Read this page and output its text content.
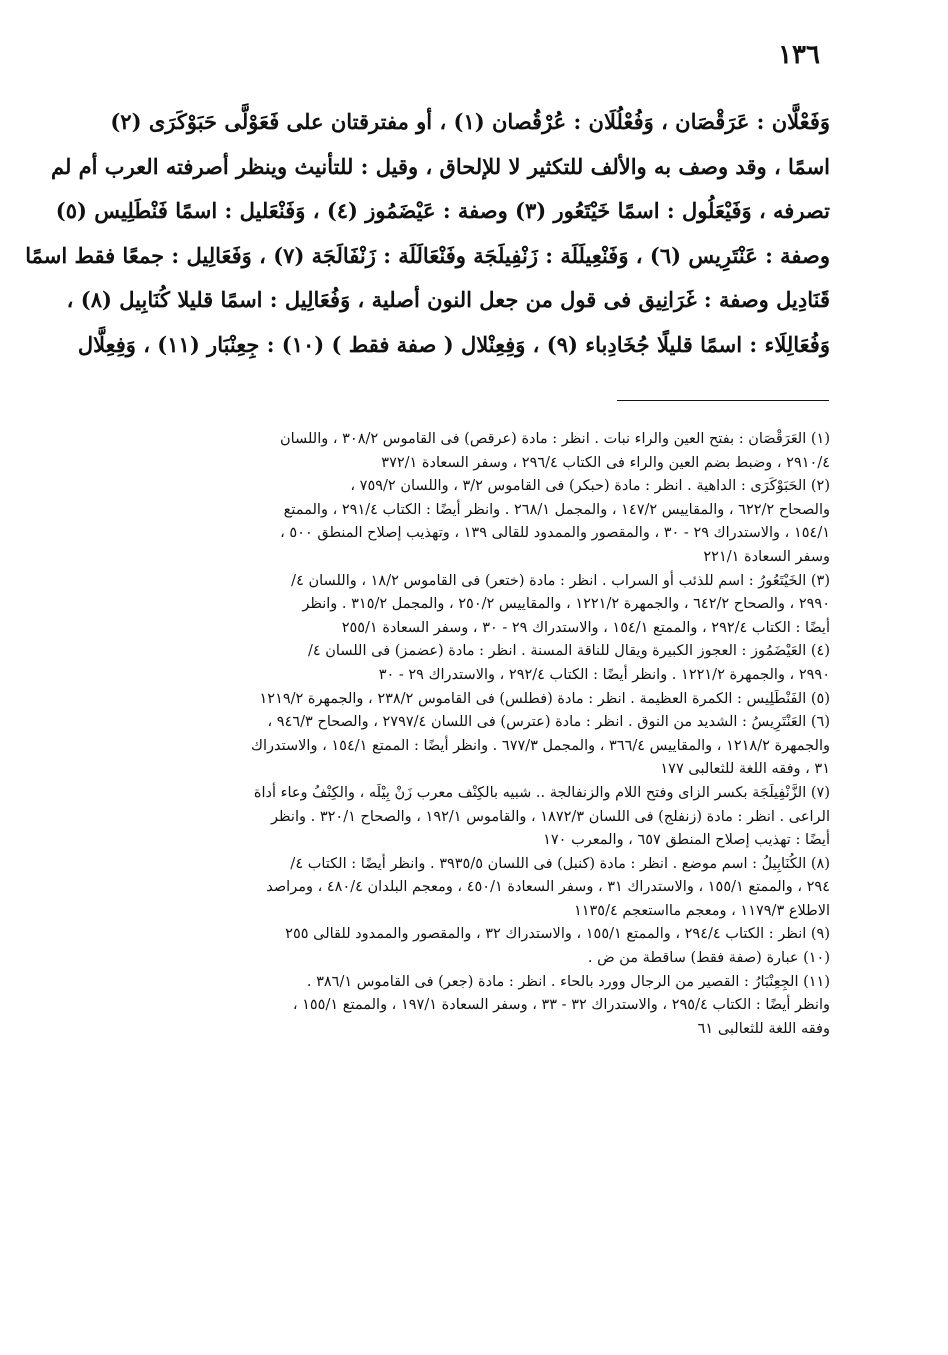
١٣٦
وَفَعْلَّان : عَرَقْصَان ، وَفُعْلُلَان : عُرْقُصان (١) ، أو مفترقتان على فَعَوْلَّى حَبَوْكَرَى (٢)
اسمًا ، وقد وصف به والألف للتكثير لا للإلحاق ، وقيل : للتأنيث وينظر أصرفته العرب أم لم
تصرفه ، وَفَيْعَلُول : اسمًا خَيْتَعُور (٣) وصفة : عَيْضَمُوز (٤) ، وَفَنْعَليل : اسمًا فَنْطَلِيس (٥)
وصفة : عَنْتَرِيس (٦) ، وَفَنْعِيلَلَة : زَنْفِيلَجَة وفَنْعَالَلَة : زَنْفَالَجَة (٧) ، وَفَعَالِيل : جمعًا فقط اسمًا
قَنَادِيل وصفة : غَرَانِيق فى قول من جعل النون أصلية ، وَفُعَالِيل : اسمًا قليلا كُنَابِيل (٨) ،
وَفُعَالِلَاء : اسمًا قليلًا جُخَادِباء (٩) ، وَفِعِنْلال ( صفة فقط ) (١٠) : جِعِنْبَار (١١) ، وَفِعِلَّال
(١) العَرَقْصَان : بفتح العين والراء نبات . انظر : مادة (عرقص) فى القاموس ٣٠٨/٢ ، واللسان
٢٩١٠/٤ ، وضبط بضم العين والراء فى الكتاب ٢٩٦/٤ ، وسفر السعادة ٣٧٢/١
(٢) الحَبَوْكَرَى : الداهية . انظر : مادة (حبكر) فى القاموس ٣/٢ ، واللسان ٧٥٩/٢ ،
والصحاح ٦٢٢/٢ ، والمقاييس ١٤٧/٢ ، والمجمل ٢٦٨/١ . وانظر أيضًا : الكتاب ٢٩١/٤ ، والممتع
١٥٤/١ ، والاستدراك ٢٩ - ٣٠ ، والمقصور والممدود للقالى ١٣٩ ، وتهذيب إصلاح المنطق ٥٠٠ ،
وسفر السعادة ٢٢١/١
(٣) الخَيْتَعُورُ : اسم للذئب أو السراب . انظر : مادة (ختعر) فى القاموس ١٨/٢ ، واللسان ٤/
٢٩٩٠ ، والصحاح ٦٤٢/٢ ، والجمهرة ١٢٢١/٢ ، والمقاييس ٢٥٠/٢ ، والمجمل ٣١٥/٢ . وانظر
أيضًا : الكتاب ٢٩٢/٤ ، والممتع ١٥٤/١ ، والاستدراك ٢٩ - ٣٠ ، وسفر السعادة ٢٥٥/١
(٤) العَيْضَمُوز : العجوز الكبيرة ويقال للناقة المسنة . انظر : مادة (عضمز) فى اللسان ٤/
٢٩٩٠ ، والجمهرة ١٢٢١/٢ . وانظر أيضًا : الكتاب ٢٩٢/٤ ، والاستدراك ٢٩ - ٣٠
(٥) الفَنْطَلِيس : الكمرة العظيمة . انظر : مادة (فطلس) فى القاموس ٢٣٨/٢ ، والجمهرة ١٢١٩/٢
(٦) العَنْتَرِيسُ : الشديد من النوق . انظر : مادة (عترس) فى اللسان ٢٧٩٧/٤ ، والصحاح ٩٤٦/٣ ،
والجمهرة ١٢١٨/٢ ، والمقاييس ٣٦٦/٤ ، والمجمل ٦٧٧/٣ . وانظر أيضًا : الممتع ١٥٤/١ ، والاستدراك
٣١ ، وفقه اللغة للثعالبى ١٧٧
(٧) الزَّنْفِيلَجَة بكسر الزاى وفتح اللام والزنفالجة .. شبيه بالكِنْف معرب زَنْ بِيْلَه ، والكِنْفُ وعاء أداة
الراعى . انظر : مادة (زنفلج) فى اللسان ١٨٧٢/٣ ، والقاموس ١٩٢/١ ، والصحاح ٣٢٠/١ . وانظر
أيضًا : تهذيب إصلاح المنطق ٦٥٧ ، والمعرب ١٧٠
(٨) الكُنَابِيلُ : اسم موضع . انظر : مادة (كنبل) فى اللسان ٣٩٣٥/٥ . وانظر أيضًا : الكتاب ٤/
٢٩٤ ، والممتع ١٥٥/١ ، والاستدراك ٣١ ، وسفر السعادة ٤٥٠/١ ، ومعجم البلدان ٤٨٠/٤ ، ومراصد
الاطلاع ١١٧٩/٣ ، ومعجم مااستعجم ١١٣٥/٤
(٩) انظر : الكتاب ٢٩٤/٤ ، والممتع ١٥٥/١ ، والاستدراك ٣٢ ، والمقصور والممدود للقالى ٢٥٥
(١٠) عبارة (صفة فقط) ساقطة من ض .
(١١) الجِعِنْبَارُ : القصير من الرجال وورد بالحاء . انظر : مادة (جعر) فى القاموس ٣٨٦/١ .
وانظر أيضًا : الكتاب ٢٩٥/٤ ، والاستدراك ٣٢ - ٣٣ ، وسفر السعادة ١٩٧/١ ، والممتع ١٥٥/١ ،
وفقه اللغة للثعالبى ٦١
